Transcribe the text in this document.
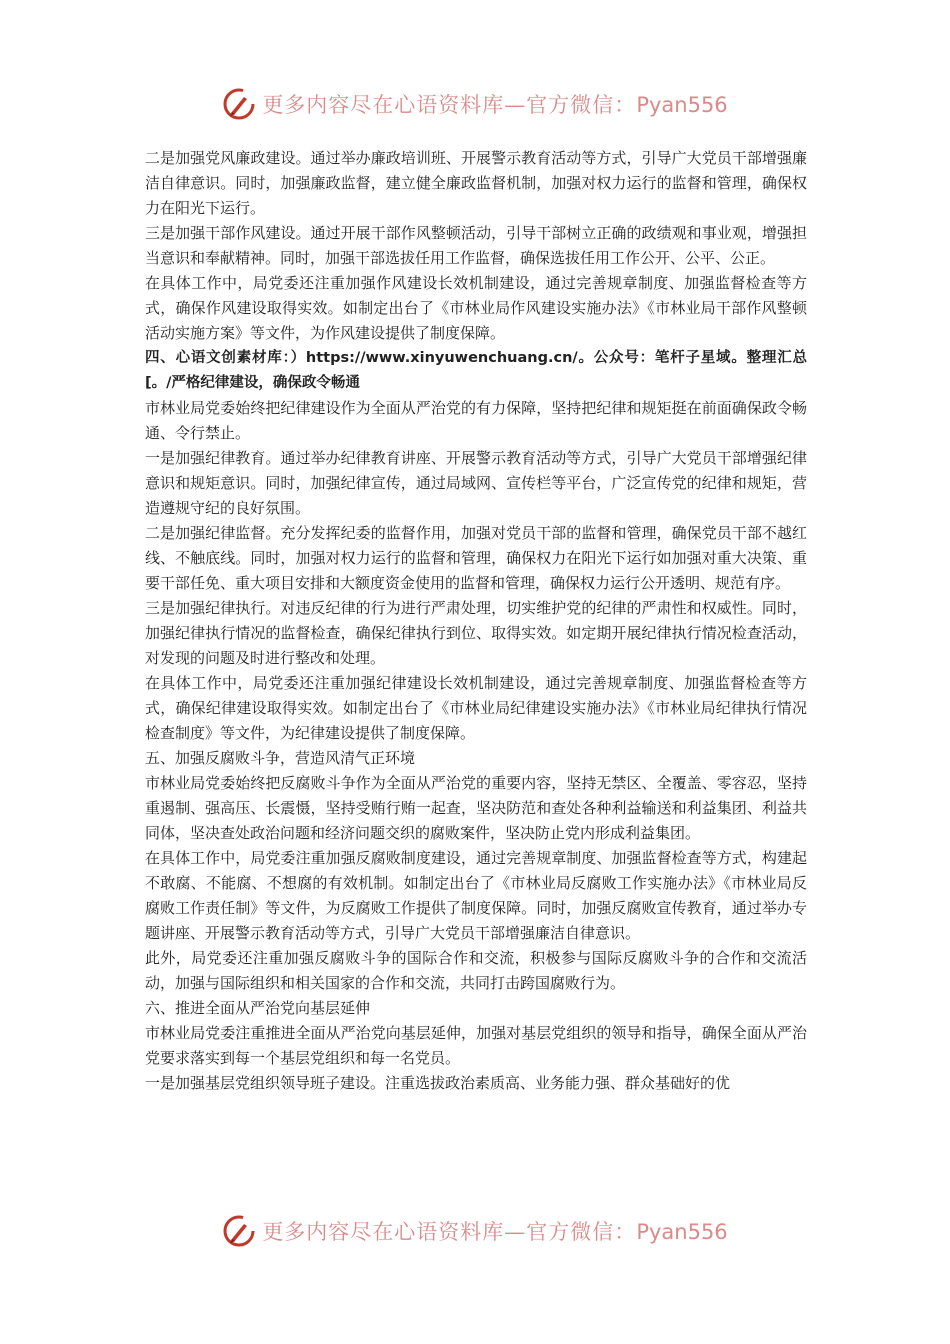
更多内容尽在心语资料库—官方微信：Pyan556

二是加强党风廉政建设。通过举办廉政培训班、开展警示教育活动等方式，引导广大党员干部增强廉洁自律意识。同时，加强廉政监督，建立健全廉政监督机制，加强对权力运行的监督和管理，确保权力在阳光下运行。

三是加强干部作风建设。通过开展干部作风整顿活动，引导干部树立正确的政绩观和事业观，增强担当意识和奉献精神。同时，加强干部选拔任用工作监督，确保选拔任用工作公开、公平、公正。

在具体工作中，局党委还注重加强作风建设长效机制建设，通过完善规章制度、加强监督检查等方式，确保作风建设取得实效。如制定出台了《市林业局作风建设实施办法》《市林业局干部作风整顿活动实施方案》等文件，为作风建设提供了制度保障。

四、心语文创素材库：）https://www.xinyuwenchuang.cn/。公众号：笔杆子星域。整理汇总[。/严格纪律建设，确保政令畅通

市林业局党委始终把纪律建设作为全面从严治党的有力保障，坚持把纪律和规矩挺在前面确保政令畅通、令行禁止。

一是加强纪律教育。通过举办纪律教育讲座、开展警示教育活动等方式，引导广大党员干部增强纪律意识和规矩意识。同时，加强纪律宣传，通过局域网、宣传栏等平台，广泛宣传党的纪律和规矩，营造遵规守纪的良好氛围。

二是加强纪律监督。充分发挥纪委的监督作用，加强对党员干部的监督和管理，确保党员干部不越红线、不触底线。同时，加强对权力运行的监督和管理，确保权力在阳光下运行如加强对重大决策、重要干部任免、重大项目安排和大额度资金使用的监督和管理，确保权力运行公开透明、规范有序。

三是加强纪律执行。对违反纪律的行为进行严肃处理，切实维护党的纪律的严肃性和权威性。同时，加强纪律执行情况的监督检查，确保纪律执行到位、取得实效。如定期开展纪律执行情况检查活动，对发现的问题及时进行整改和处理。

在具体工作中，局党委还注重加强纪律建设长效机制建设，通过完善规章制度、加强监督检查等方式，确保纪律建设取得实效。如制定出台了《市林业局纪律建设实施办法》《市林业局纪律执行情况检查制度》等文件，为纪律建设提供了制度保障。

五、加强反腐败斗争，营造风清气正环境

市林业局党委始终把反腐败斗争作为全面从严治党的重要内容，坚持无禁区、全覆盖、零容忍，坚持重遏制、强高压、长震慑，坚持受贿行贿一起查，坚决防范和查处各种利益输送和利益集团、利益共同体，坚决查处政治问题和经济问题交织的腐败案件，坚决防止党内形成利益集团。

在具体工作中，局党委注重加强反腐败制度建设，通过完善规章制度、加强监督检查等方式，构建起不敢腐、不能腐、不想腐的有效机制。如制定出台了《市林业局反腐败工作实施办法》《市林业局反腐败工作责任制》等文件，为反腐败工作提供了制度保障。同时，加强反腐败宣传教育，通过举办专题讲座、开展警示教育活动等方式，引导广大党员干部增强廉洁自律意识。

此外，局党委还注重加强反腐败斗争的国际合作和交流，积极参与国际反腐败斗争的合作和交流活动，加强与国际组织和相关国家的合作和交流，共同打击跨国腐败行为。

六、推进全面从严治党向基层延伸

市林业局党委注重推进全面从严治党向基层延伸，加强对基层党组织的领导和指导，确保全面从严治党要求落实到每一个基层党组织和每一名党员。

一是加强基层党组织领导班子建设。注重选拔政治素质高、业务能力强、群众基础好的优

更多内容尽在心语资料库—官方微信：Pyan556
